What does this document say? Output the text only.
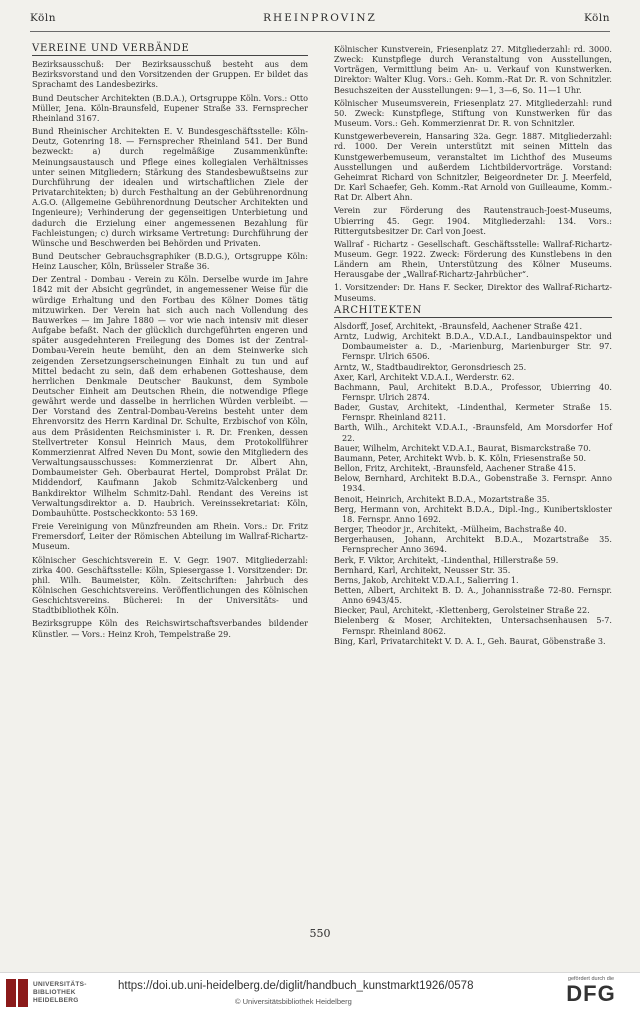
Köln	RHEINPROVINZ	Köln
VEREINE UND VERBÄNDE

Bezirksausschuß: Der Bezirksausschuß besteht aus dem Bezirksvorstand und den Vorsitzenden der Gruppen. Er bildet das Sprachamt des Landesbezirks.

Bund Deutscher Architekten (B.D.A.), Ortsgruppe Köln. Vors.: Otto Müller, Jena. Köln-Braunsfeld, Eupener Straße 33. Fernsprecher Rheinland 3167.

Bund Rheinischer Architekten E. V. Bundesgeschäftsstelle: Köln-Deutz, Gotenring 18. — Fernsprecher Rheinland 541. Der Bund bezweckt: a) durch regelmäßige Zusammenkünfte: Meinungsaustausch und Pflege eines kollegialen Verhältnisses unter seinen Mitgliedern; Stärkung des Standesbewußtseins zur Durchführung der idealen und wirtschaftlichen Ziele der Privatarchitekten; b) durch Festhaltung an der Gebührenordnung A.G.O. (Allgemeine Gebührenordnung Deutscher Architekten und Ingenieure); Verhinderung der gegenseitigen Unterbietung und dadurch die Erzielung einer angemessenen Bezahlung für Fachleistungen; c) durch wirksame Vertretung: Durchführung der Wünsche und Beschwerden bei Behörden und Privaten.

Bund Deutscher Gebrauchsgraphiker (B.D.G.), Ortsgruppe Köln: Heinz Lauscher, Köln, Brüsseler Straße 36.

Der Zentral - Dombau - Verein zu Köln. Derselbe wurde im Jahre 1842 mit der Absicht gegründet, in angemessener Weise für die würdige Erhaltung und den Fortbau des Kölner Domes tätig mitzuwirken. Der Verein hat sich auch nach Vollendung des Bauwerkes — im Jahre 1880 — vor wie nach intensiv mit dieser Aufgabe befaßt. Nach der glücklich durchgeführten engeren und später ausgedehnteren Freilegung des Domes ist der Zentral-Dombau-Verein heute bemüht, den an dem Steinwerke sich zeigenden Zersetzungserscheinungen Einhalt zu tun und auf Mittel bedacht zu sein, daß dem erhabenen Gotteshause, dem herrlichen Denkmale Deutscher Baukunst, dem Symbole Deutscher Einheit am Deutschen Rhein, die notwendige Pflege gewährt werde und dasselbe in herrlichen Würden verbleibt. — Der Vorstand des Zentral-Dombau-Vereins besteht unter dem Ehrenvorsitz des Herrn Kardinal Dr. Schulte, Erzbischof von Köln, aus dem Präsidenten Reichsminister i. R. Dr. Frenken, dessen Stellvertreter Konsul Heinrich Maus, dem Protokollführer Kommerzienrat Alfred Neven Du Mont, sowie den Mitgliedern des Verwaltungsausschusses: Kommerzienrat Dr. Albert Ahn, Dombaumeister Geh. Oberbaurat Hertel, Domprobst Prälat Dr. Middendorf, Kaufmann Jakob Schmitz-Valckenberg und Bankdirektor Wilhelm Schmitz-Dahl. Rendant des Vereins ist Verwaltungsdirektor a. D. Haubrich. Vereinssekretariat: Köln, Dombauhütte. Postscheckkonto: 53 169.

Freie Vereinigung von Münzfreunden am Rhein. Vors.: Dr. Fritz Fremersdorf, Leiter der Römischen Abteilung im Wallraf-Richartz-Museum.

Kölnischer Geschichtsverein E. V. Gegr. 1907. Mitgliederzahl: zirka 400. Geschäftsstelle: Köln, Spiesergasse 1. Vorsitzender: Dr. phil. Wilh. Baumeister, Köln. Zeitschriften: Jahrbuch des Kölnischen Geschichtsvereins. Veröffentlichungen des Kölnischen Geschichtsvereins. Bücherei: In der Universitäts- und Stadtbibliothek Köln.

Bezirksgruppe Köln des Reichswirtschaftsverbandes bildender Künstler. — Vors.: Heinz Kroh, Tempelstraße 29.

Kölnischer Kunstverein, Friesenplatz 27. Mitgliederzahl: rd. 3000. Zweck: Kunstpflege durch Veranstaltung von Ausstellungen, Vorträgen, Vermittlung beim An- u. Verkauf von Kunstwerken. Direktor: Walter Klug. Vors.: Geh. Komm.-Rat Dr. R. von Schnitzler. Besuchszeiten der Ausstellungen: 9—1, 3—6, So. 11—1 Uhr.

Kölnischer Museumsverein, Friesenplatz 27. Mitgliederzahl: rund 50. Zweck: Kunstpflege, Stiftung von Kunstwerken für das Museum. Vors.: Geh. Kommerzienrat Dr. R. von Schnitzler.

Kunstgewerbeverein, Hansaring 32a. Gegr. 1887. Mitgliederzahl: rd. 1000. Der Verein unterstützt mit seinen Mitteln das Kunstgewerbemuseum, veranstaltet im Lichthof des Museums Ausstellungen und außerdem Lichtbildervorträge. Vorstand: Geheimrat Richard von Schnitzler, Beigeordneter Dr. J. Meerfeld, Dr. Karl Schaefer, Geh. Komm.-Rat Arnold von Guilleaume, Komm.-Rat Dr. Albert Ahn.

Verein zur Förderung des Rautenstrauch-Joest-Museums, Ubierring 45. Gegr. 1904. Mitgliederzahl: 134. Vors.: Rittergutsbesitzer Dr. Carl von Joest.

Wallraf - Richartz - Gesellschaft. Geschäftsstelle: Wallraf-Richartz-Museum. Gegr. 1922. Zweck: Förderung des Kunstlebens in den Ländern am Rhein, Unterstützung des Kölner Museums. Herausgabe der „Wallraf-Richartz-Jahrbücher“.

1. Vorsitzender: Dr. Hans F. Secker, Direktor des Wallraf-Richartz-Museums.

ARCHITEKTEN

Alsdorff, Josef, Architekt, -Braunsfeld, Aachener Straße 421.

Arntz, Ludwig, Architekt B.D.A., V.D.A.I., Landbauinspektor und Dombaumeister a. D., -Marienburg, Marienburger Str. 97. Fernspr. Ulrich 6506.

Arntz, W., Stadtbaudirektor, Geronsdriesch 25.

Axer, Karl, Architekt V.D.A.I., Werderstr. 62.

Bachmann, Paul, Architekt B.D.A., Professor, Ubierring 40. Fernspr. Ulrich 2874.

Bader, Gustav, Architekt, -Lindenthal, Kermeter Straße 15. Fernspr. Rheinland 8211.

Barth, Wilh., Architekt V.D.A.I., -Braunsfeld, Am Morsdorfer Hof 22.

Bauer, Wilhelm, Architekt V.D.A.I., Baurat, Bismarckstraße 70.

Baumann, Peter, Architekt Wvb. b. K. Köln, Friesenstraße 50.

Bellon, Fritz, Architekt, -Braunsfeld, Aachener Straße 415.

Below, Bernhard, Architekt B.D.A., Gobenstraße 3. Fernspr. Anno 1934.

Benoit, Heinrich, Architekt B.D.A., Mozartstraße 35.

Berg, Hermann von, Architekt B.D.A., Dipl.-Ing., Kunibertskloster 18. Fernspr. Anno 1692.

Berger, Theodor jr., Architekt, -Mülheim, Bachstraße 40.

Bergerhausen, Johann, Architekt B.D.A., Mozartstraße 35. Fernsprecher Anno 3694.

Berk, F. Viktor, Architekt, -Lindenthal, Hillerstraße 59.

Bernhard, Karl, Architekt, Neusser Str. 35.

Berns, Jakob, Architekt V.D.A.I., Salierring 1.

Betten, Albert, Architekt B. D. A., Johannisstraße 72-80. Fernspr. Anno 6943/45.

Biecker, Paul, Architekt, -Klettenberg, Gerolsteiner Straße 22.

Bielenberg & Moser, Architekten, Untersachsenhausen 5-7. Fernspr. Rheinland 8062.

Bing, Karl, Privatarchitekt V. D. A. I., Geh. Baurat, Göbenstraße 3.

550
UNIVERSITÄTS-
BIBLIOTHEK
HEIDELBERG
https://doi.ub.uni-heidelberg.de/diglit/handbuch_kunstmarkt1926/0578
© Universitätsbibliothek Heidelberg
gefördert durch die
DFG
